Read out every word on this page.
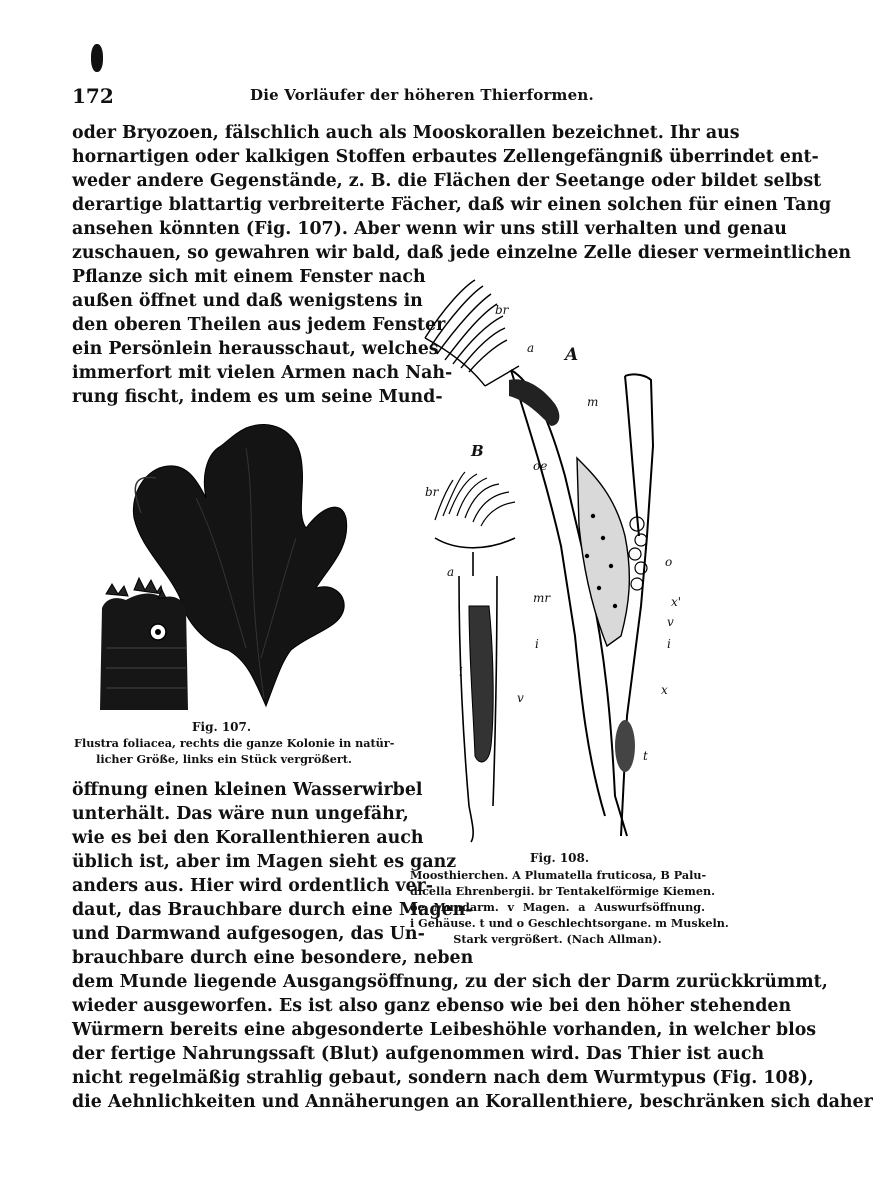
172	Die Vorläufer der höheren Thierformen.
oder Bryozoen, fälschlich auch als Mooskorallen bezeichnet. Ihr aus
hornartigen oder kalkigen Stoffen erbautes Zellengefängniß überrindet ent-
weder andere Gegenstände, z. B. die Flächen der Seetange oder bildet selbst
derartige blattartig verbreiterte Fächer, daß wir einen solchen für einen Tang
ansehen könnten (Fig. 107). Aber wenn wir uns still verhalten und genau
zuschauen, so gewahren wir bald, daß jede einzelne Zelle dieser vermeintlichen
Pflanze sich mit einem Fenster nach
außen öffnet und daß wenigstens in
den oberen Theilen aus jedem Fenster
ein Persönlein herausschaut, welches
immerfort mit vielen Armen nach Nah-
rung fischt, indem es um seine Mund-
br
a A
m
oe
B
br
a
o
x'
mr
v
i	i
i
x
v
t
Fig. 107.
Flustra foliacea, rechts die ganze Kolonie in natür-
licher Größe, links ein Stück vergrößert.
Fig. 108.
Moosthierchen. A Plumatella fruticosa, B Palu-
dicella Ehrenbergii. br Tentakelförmige Kiemen.
oe Mundarm. v Magen. a Auswurfsöffnung.
i Gehäuse. t und o Geschlechtsorgane. m Muskeln.
Stark vergrößert. (Nach Allman).
öffnung einen kleinen Wasserwirbel
unterhält. Das wäre nun ungefähr,
wie es bei den Korallenthieren auch
üblich ist, aber im Magen sieht es ganz
anders aus. Hier wird ordentlich ver-
daut, das Brauchbare durch eine Magen-
und Darmwand aufgesogen, das Un-
brauchbare durch eine besondere, neben
dem Munde liegende Ausgangsöffnung, zu der sich der Darm zurückkrümmt,
wieder ausgeworfen. Es ist also ganz ebenso wie bei den höher stehenden
Würmern bereits eine abgesonderte Leibeshöhle vorhanden, in welcher blos
der fertige Nahrungssaft (Blut) aufgenommen wird. Das Thier ist auch
nicht regelmäßig strahlig gebaut, sondern nach dem Wurmtypus (Fig. 108),
die Aehnlichkeiten und Annäherungen an Korallenthiere, beschränken sich daher
